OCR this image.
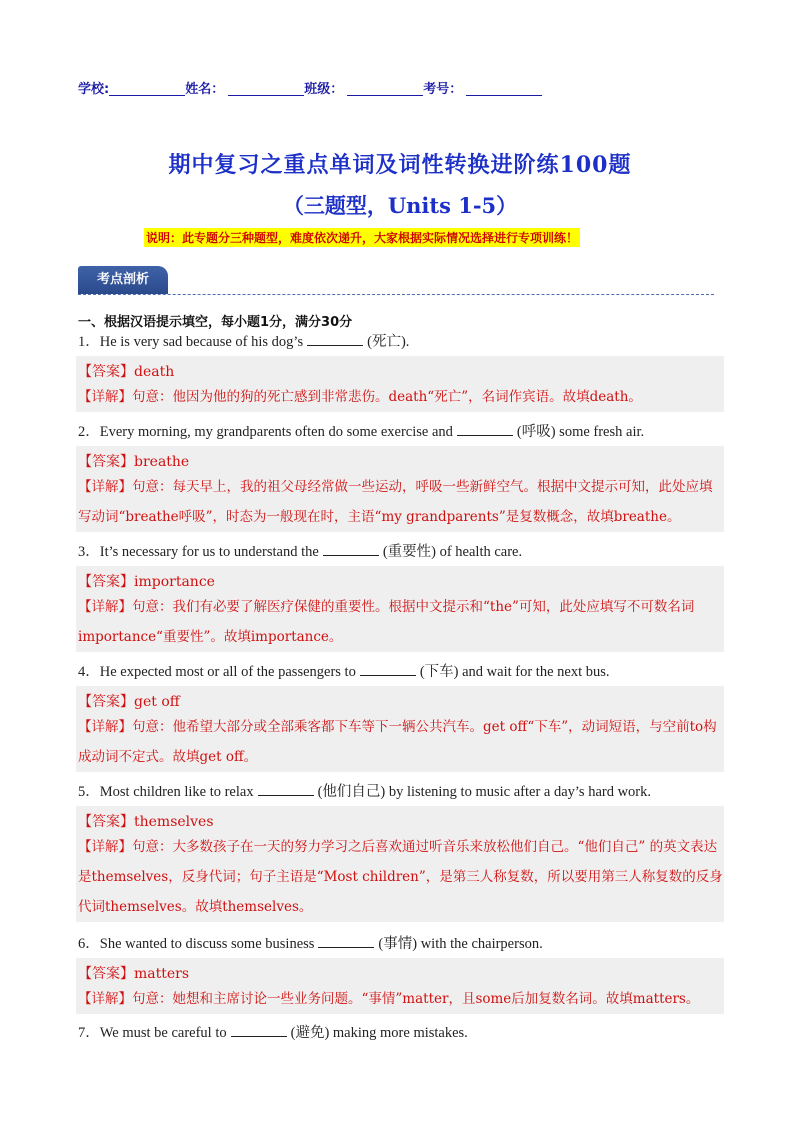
学校:	姓名：	班级：	考号：
期中复习之重点单词及词性转换进阶练100题
（三题型，Units 1-5）
说明：此专题分三种题型，难度依次递升，大家根据实际情况选择进行专项训练！
考点剖析
一、根据汉语提示填空，每小题1分，满分30分
1．He is very sad because of his dog’s	(死亡).
【答案】death
【详解】句意：他因为他的狗的死亡感到非常悲伤。death“死亡”，名词作宾语。故填death。
2．Every morning, my grandparents often do some exercise and	(呼吸) some fresh air.
【答案】breathe
【详解】句意：每天早上，我的祖父母经常做一些运动，呼吸一些新鲜空气。根据中文提示可知，此处应填写动词“breathe呼吸”，时态为一般现在时，主语“my grandparents”是复数概念，故填breathe。
3．It’s necessary for us to understand the	(重要性) of health care.
【答案】importance
【详解】句意：我们有必要了解医疗保健的重要性。根据中文提示和“the”可知，此处应填写不可数名词importance“重要性”。故填importance。
4．He expected most or all of the passengers to	(下车) and wait for the next bus.
【答案】get off
【详解】句意：他希望大部分或全部乘客都下车等下一辆公共汽车。get off“下车”，动词短语，与空前to构成动词不定式。故填get off。
5．Most children like to relax	(他们自己) by listening to music after a day’s hard work.
【答案】themselves
【详解】句意：大多数孩子在一天的努力学习之后喜欢通过听音乐来放松他们自己。“他们自己” 的英文表达是themselves，反身代词；句子主语是“Most children”，是第三人称复数，所以要用第三人称复数的反身代词themselves。故填themselves。
6．She wanted to discuss some business	(事情) with the chairperson.
【答案】matters
【详解】句意：她想和主席讨论一些业务问题。“事情”matter，且some后加复数名词。故填matters。
7．We must be careful to	(避免) making more mistakes.
